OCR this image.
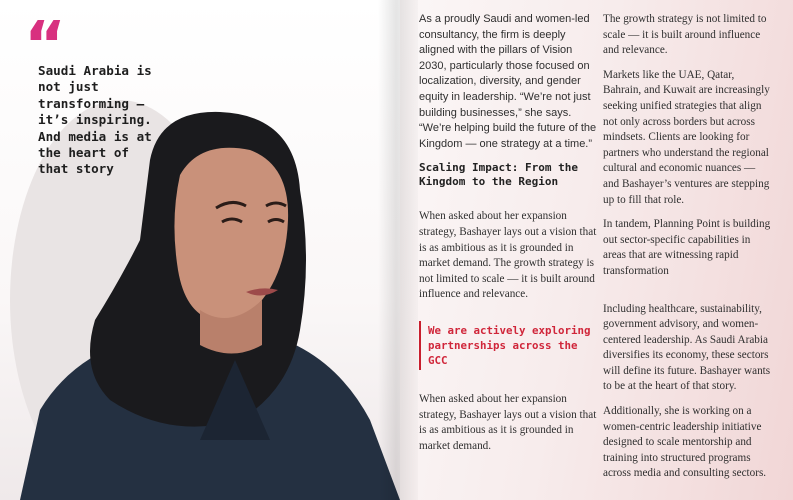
“
Saudi Arabia is not just transforming — it’s inspiring. And media is at the heart of that story

As a proudly Saudi and women-led consultancy, the firm is deeply aligned with the pillars of Vision 2030, particularly those focused on localization, diversity, and gender equity in leadership. “We’re not just building businesses,” she says. “We’re helping build the future of the Kingdom — one strategy at a time.”

Scaling Impact: From the Kingdom to the Region

When asked about her expansion strategy, Bashayer lays out a vision that is as ambitious as it is grounded in market demand. The growth strategy is not limited to scale — it is built around influence and relevance.

We are actively exploring partnerships across the GCC

When asked about her expansion strategy, Bashayer lays out a vision that is as ambitious as it is grounded in market demand.

The growth strategy is not limited to scale — it is built around influence and relevance.

Markets like the UAE, Qatar, Bahrain, and Kuwait are increasingly seeking unified strategies that align not only across borders but across mindsets. Clients are looking for partners who understand the regional cultural and economic nuances — and Bashayer’s ventures are stepping up to fill that role.

In tandem, Planning Point is building out sector-specific capabilities in areas that are witnessing rapid transformation

Including healthcare, sustainability, government advisory, and women-centered leadership. As Saudi Arabia diversifies its economy, these sectors will define its future. Bashayer wants to be at the heart of that story.

Additionally, she is working on a women-centric leadership initiative designed to scale mentorship and training into structured programs across media and consulting sectors.
